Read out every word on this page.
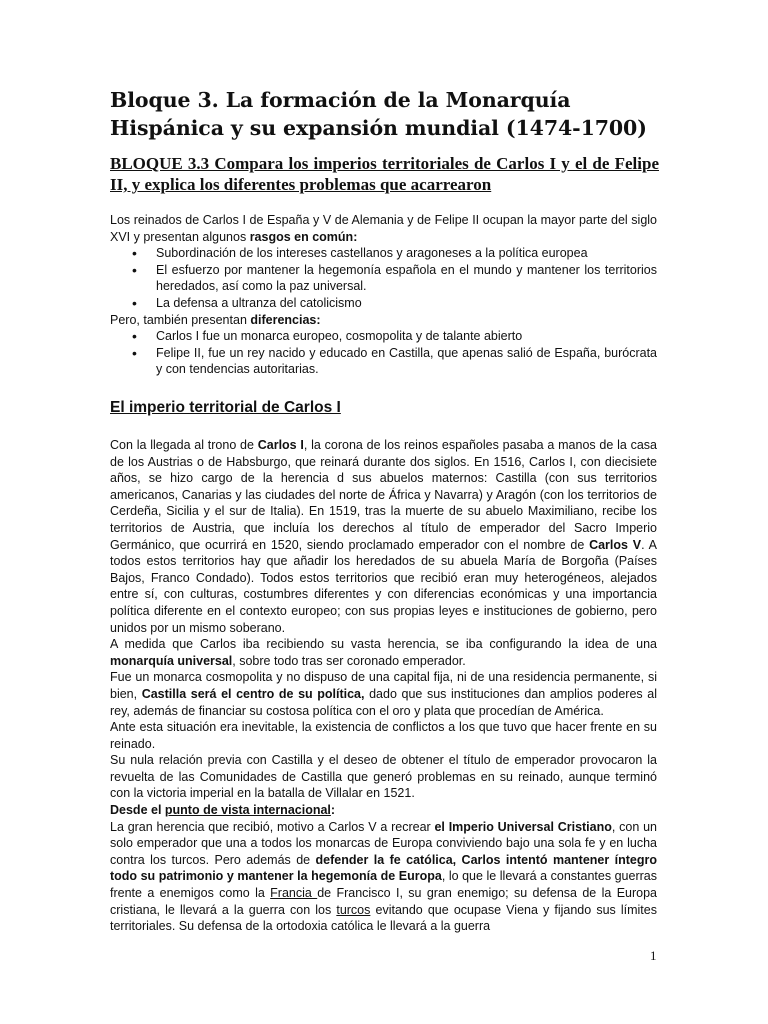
Bloque 3. La formación de la Monarquía Hispánica y su expansión mundial (1474-1700)
BLOQUE 3.3 Compara los imperios territoriales de Carlos I y el de Felipe II, y explica los diferentes problemas que acarrearon

Los reinados de Carlos I de España y V de Alemania y de Felipe II ocupan la mayor parte del siglo XVI y presentan algunos rasgos en común:

• Subordinación de los intereses castellanos y aragoneses a la política europea
• El esfuerzo por mantener la hegemonía española en el mundo y mantener los territorios heredados, así como la paz universal.
• La defensa a ultranza del catolicismo

Pero, también presentan diferencias:

• Carlos I fue un monarca europeo, cosmopolita y de talante abierto
• Felipe II, fue un rey nacido y educado en Castilla, que apenas salió de España, burócrata y con tendencias autoritarias.
El imperio territorial de Carlos I

Con la llegada al trono de Carlos I, la corona de los reinos españoles pasaba a manos de la casa de los Austrias o de Habsburgo, que reinará durante dos siglos. En 1516, Carlos I, con diecisiete años, se hizo cargo de la herencia d sus abuelos maternos: Castilla (con sus territorios americanos, Canarias y las ciudades del norte de África y Navarra) y Aragón (con los territorios de Cerdeña, Sicilia y el sur de Italia). En 1519, tras la muerte de su abuelo Maximiliano, recibe los territorios de Austria, que incluía los derechos al título de emperador del Sacro Imperio Germánico, que ocurrirá en 1520, siendo proclamado emperador con el nombre de Carlos V. A todos estos territorios hay que añadir los heredados de su abuela María de Borgoña (Países Bajos, Franco Condado). Todos estos territorios que recibió eran muy heterogéneos, alejados entre sí, con culturas, costumbres diferentes y con diferencias económicas y una importancia política diferente en el contexto europeo; con sus propias leyes e instituciones de gobierno, pero unidos por un mismo soberano.

A medida que Carlos iba recibiendo su vasta herencia, se iba configurando la idea de una monarquía universal, sobre todo tras ser coronado emperador.

Fue un monarca cosmopolita y no dispuso de una capital fija, ni de una residencia permanente, si bien, Castilla será el centro de su política, dado que sus instituciones dan amplios poderes al rey, además de financiar su costosa política con el oro y plata que procedían de América.

Ante esta situación era inevitable, la existencia de conflictos a los que tuvo que hacer frente en su reinado.

Su nula relación previa con Castilla y el deseo de obtener el título de emperador provocaron la revuelta de las Comunidades de Castilla que generó problemas en su reinado, aunque terminó con la victoria imperial en la batalla de Villalar en 1521.

Desde el punto de vista internacional:

La gran herencia que recibió, motivo a Carlos V a recrear el Imperio Universal Cristiano, con un solo emperador que una a todos los monarcas de Europa conviviendo bajo una sola fe y en lucha contra los turcos. Pero además de defender la fe católica, Carlos intentó mantener íntegro todo su patrimonio y mantener la hegemonía de Europa, lo que le llevará a constantes guerras frente a enemigos como la Francia de Francisco I, su gran enemigo; su defensa de la Europa cristiana, le llevará a la guerra con los turcos evitando que ocupase Viena y fijando sus límites territoriales. Su defensa de la ortodoxia católica le llevará a la guerra

1
